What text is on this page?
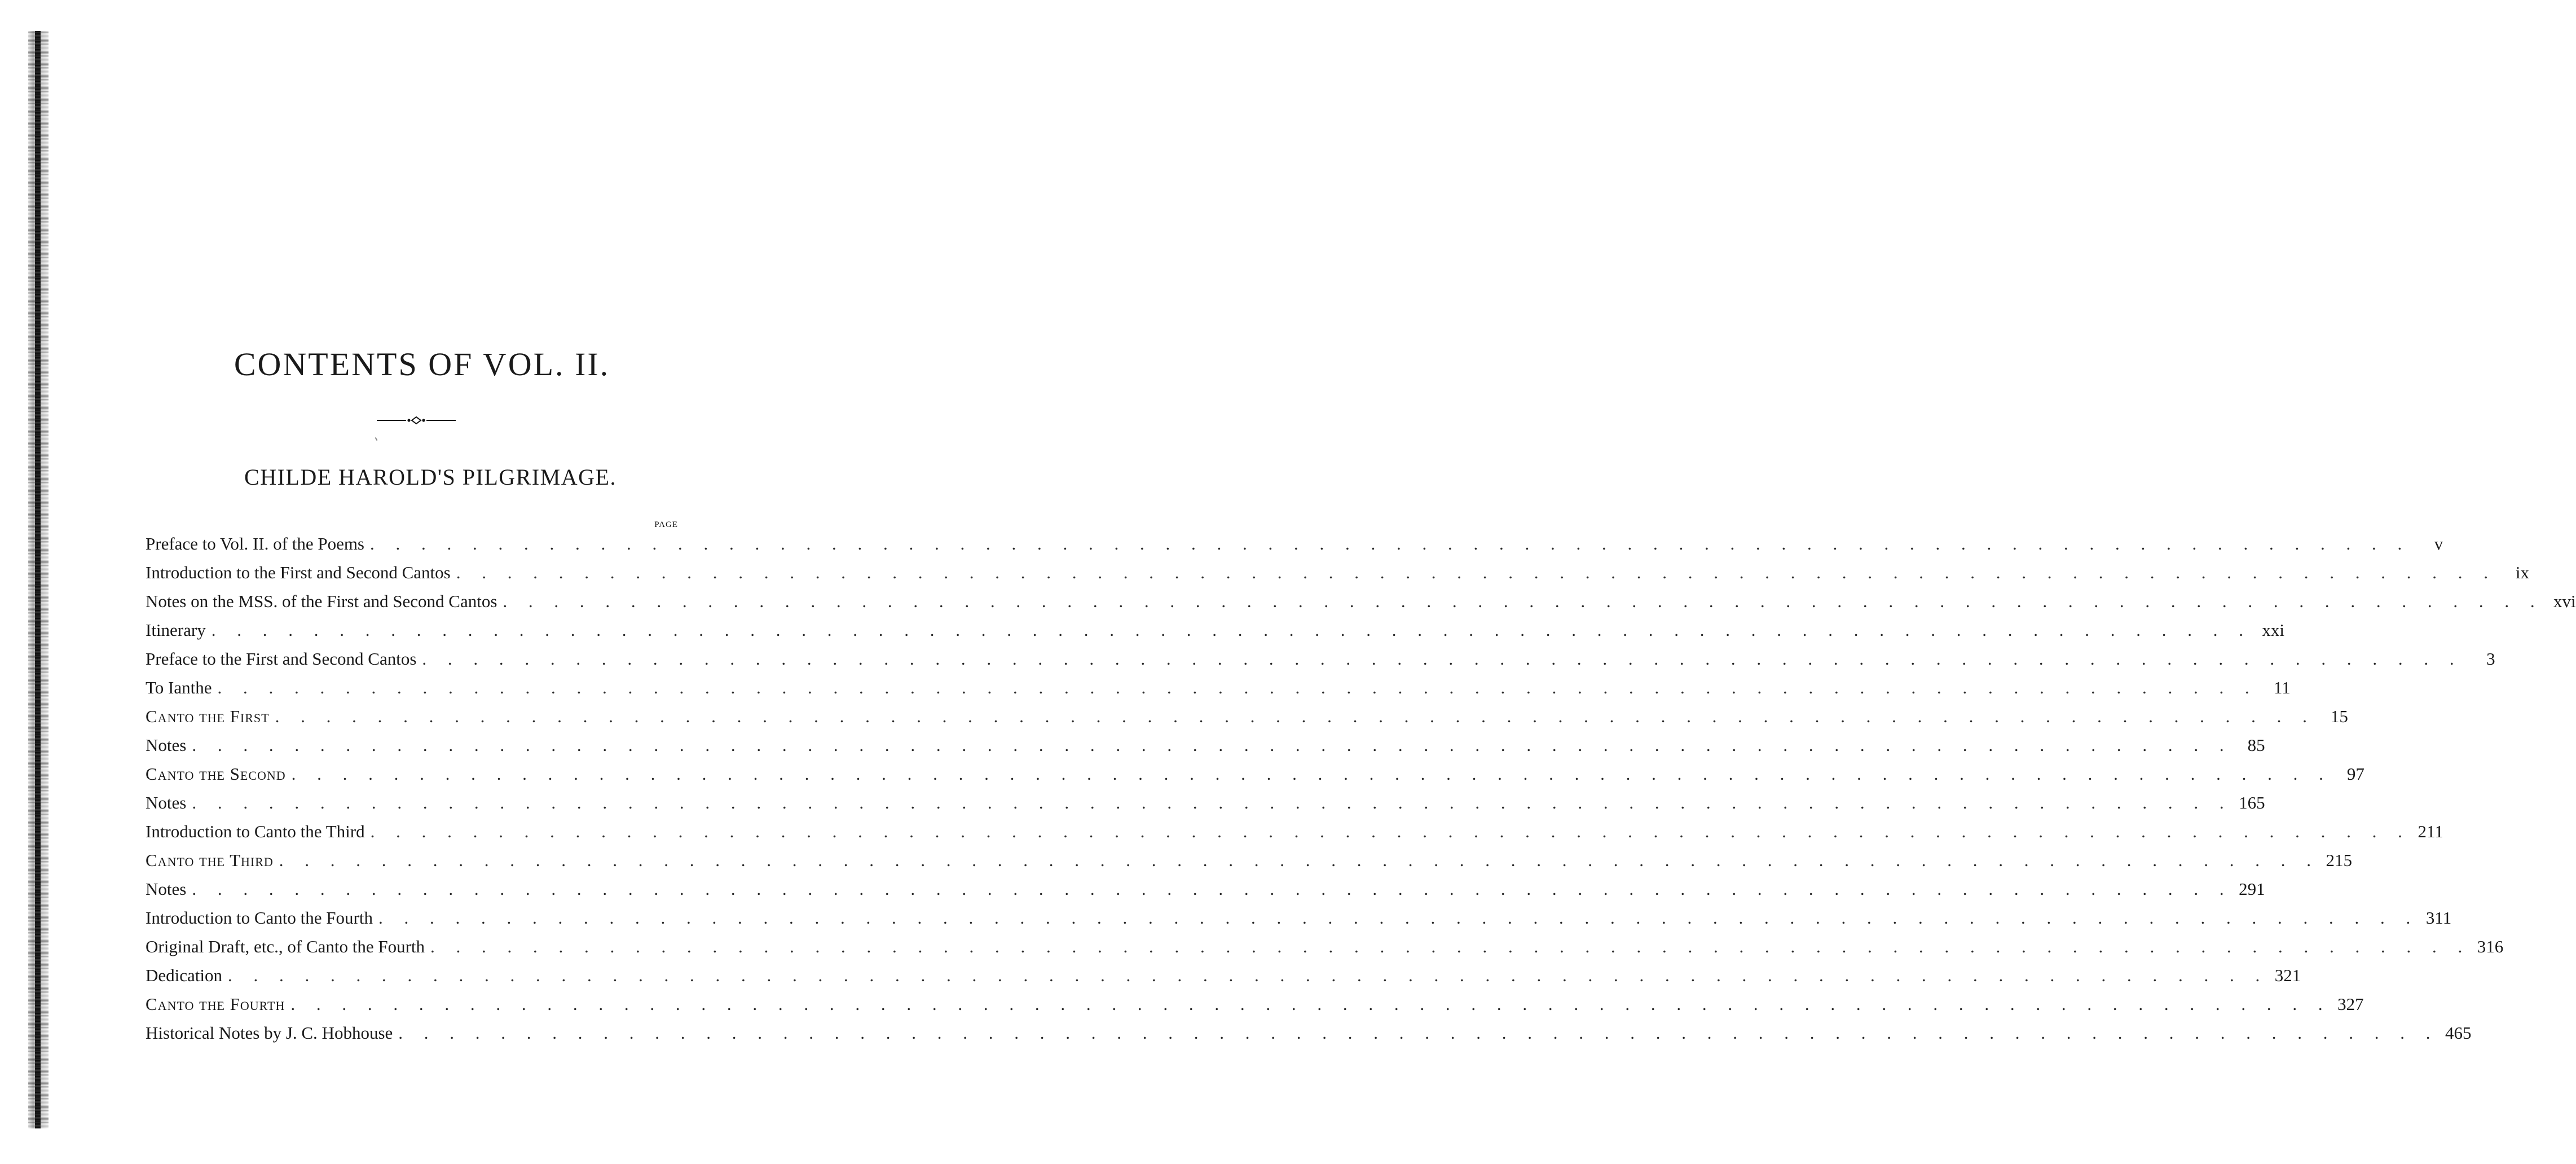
CONTENTS OF VOL. II.
CHILDE HAROLD'S PILGRIMAGE.
PAGE
Preface to Vol. II. of the Poems . . . . . . . . . . . . . . . . . . . . . . . . . . . . . . . . . . . . . . . . . . . . . . . . . . . . . . . . . . . . . . . . . . . . . . . . . . . . . . . .	v
Introduction to the First and Second Cantos . . . . . . . . . . . . . . . . . . . . . . . . . . . . . . . . . . . . . . . . . . . . . . . . . . . . . . . . . . . . . . . . . . . . . . . . . . . . . . . .	ix
Notes on the MSS. of the First and Second Cantos . . . . . . . . . . . . . . . . . . . . . . . . . . . . . . . . . . . . . . . . . . . . . . . . . . . . . . . . . . . . . . . . . . . . . . . . . . . . . . . . xvi
Itinerary . . . . . . . . . . . . . . . . . . . . . . . . . . . . . . . . . . . . . . . . . . . . . . . . . . . . . . . . . . . . . . . . . . . . . . . . . . . . . . . . xxi
Preface to the First and Second Cantos . . . . . . . . . . . . . . . . . . . . . . . . . . . . . . . . . . . . . . . . . . . . . . . . . . . . . . . . . . . . . . . . . . . . . . . . . . . . . . . .	3
To Ianthe . . . . . . . . . . . . . . . . . . . . . . . . . . . . . . . . . . . . . . . . . . . . . . . . . . . . . . . . . . . . . . . . . . . . . . . . . . . . . . . . 11
Canto the First . . . . . . . . . . . . . . . . . . . . . . . . . . . . . . . . . . . . . . . . . . . . . . . . . . . . . . . . . . . . . . . . . . . . . . . . . . . . . . . . 15
Notes . . . . . . . . . . . . . . . . . . . . . . . . . . . . . . . . . . . . . . . . . . . . . . . . . . . . . . . . . . . . . . . . . . . . . . . . . . . . . . . . 85
Canto the Second . . . . . . . . . . . . . . . . . . . . . . . . . . . . . . . . . . . . . . . . . . . . . . . . . . . . . . . . . . . . . . . . . . . . . . . . . . . . . . . . 97
Notes . . . . . . . . . . . . . . . . . . . . . . . . . . . . . . . . . . . . . . . . . . . . . . . . . . . . . . . . . . . . . . . . . . . . . . . . . . . . . . . . 165
Introduction to Canto the Third . . . . . . . . . . . . . . . . . . . . . . . . . . . . . . . . . . . . . . . . . . . . . . . . . . . . . . . . . . . . . . . . . . . . . . . . . . . . . . . . 211
Canto the Third . . . . . . . . . . . . . . . . . . . . . . . . . . . . . . . . . . . . . . . . . . . . . . . . . . . . . . . . . . . . . . . . . . . . . . . . . . . . . . . . 215
Notes . . . . . . . . . . . . . . . . . . . . . . . . . . . . . . . . . . . . . . . . . . . . . . . . . . . . . . . . . . . . . . . . . . . . . . . . . . . . . . . . 291
Introduction to Canto the Fourth . . . . . . . . . . . . . . . . . . . . . . . . . . . . . . . . . . . . . . . . . . . . . . . . . . . . . . . . . . . . . . . . . . . . . . . . . . . . . . . . 311
Original Draft, etc., of Canto the Fourth . . . . . . . . . . . . . . . . . . . . . . . . . . . . . . . . . . . . . . . . . . . . . . . . . . . . . . . . . . . . . . . . . . . . . . . . . . . . . . . . 316
Dedication . . . . . . . . . . . . . . . . . . . . . . . . . . . . . . . . . . . . . . . . . . . . . . . . . . . . . . . . . . . . . . . . . . . . . . . . . . . . . . . . 321
Canto the Fourth . . . . . . . . . . . . . . . . . . . . . . . . . . . . . . . . . . . . . . . . . . . . . . . . . . . . . . . . . . . . . . . . . . . . . . . . . . . . . . . . 327
Historical Notes by J. C. Hobhouse . . . . . . . . . . . . . . . . . . . . . . . . . . . . . . . . . . . . . . . . . . . . . . . . . . . . . . . . . . . . . . . . . . . . . . . . . . . . . . . . 465
